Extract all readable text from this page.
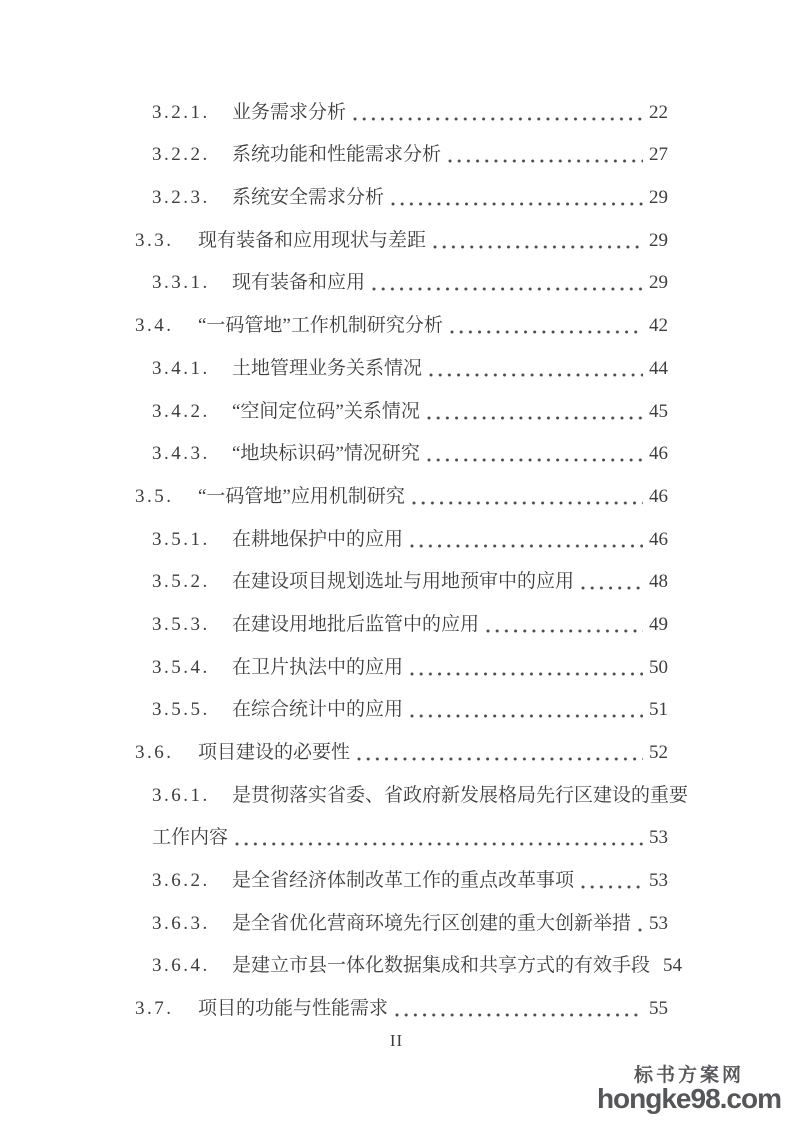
3.2.1.	业务需求分析	22
3.2.2.	系统功能和性能需求分析	27
3.2.3.	系统安全需求分析	29
3.3.	现有装备和应用现状与差距	29
3.3.1.	现有装备和应用	29
3.4.	“一码管地”工作机制研究分析	42
3.4.1.	土地管理业务关系情况	44
3.4.2.	“空间定位码”关系情况	45
3.4.3.	“地块标识码”情况研究	46
3.5.	“一码管地”应用机制研究	46
3.5.1.	在耕地保护中的应用	46
3.5.2.	在建设项目规划选址与用地预审中的应用	48
3.5.3.	在建设用地批后监管中的应用	49
3.5.4.	在卫片执法中的应用	50
3.5.5.	在综合统计中的应用	51
3.6.	项目建设的必要性	52
3.6.1.	是贯彻落实省委、省政府新发展格局先行区建设的重要
工作内容	53
3.6.2.	是全省经济体制改革工作的重点改革事项	53
3.6.3.	是全省优化营商环境先行区创建的重大创新举措 53
3.6.4.	是建立市县一体化数据集成和共享方式的有效手段 54
3.7.	项目的功能与性能需求	55
II
标书方案网
hongke98.com
